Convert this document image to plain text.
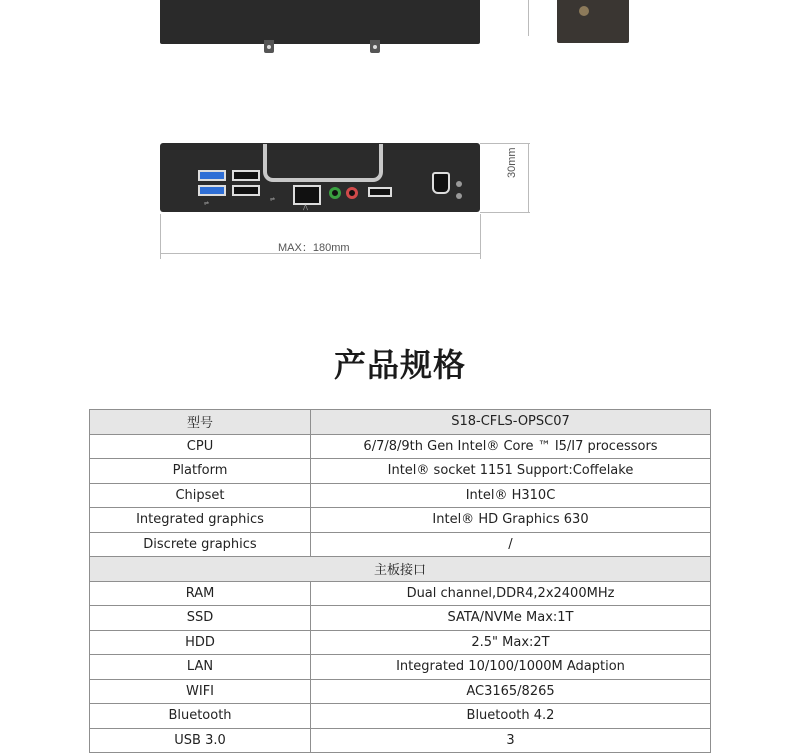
⇌
⇌
⋀
MAX：180mm
30mm
产品规格
型号	S18-CFLS-OPSC07
CPU	6/7/8/9th Gen Intel® Core ™ I5/I7 processors
Platform	Intel® socket 1151 Support:Coffelake
Chipset	Intel® H310C
Integrated graphics	Intel® HD Graphics 630
Discrete graphics	/
主板接口	
RAM	Dual channel,DDR4,2x2400MHz
SSD	SATA/NVMe Max:1T
HDD	2.5" Max:2T
LAN	Integrated 10/100/1000M Adaption
WIFI	AC3165/8265
Bluetooth	Bluetooth 4.2
USB 3.0	3
